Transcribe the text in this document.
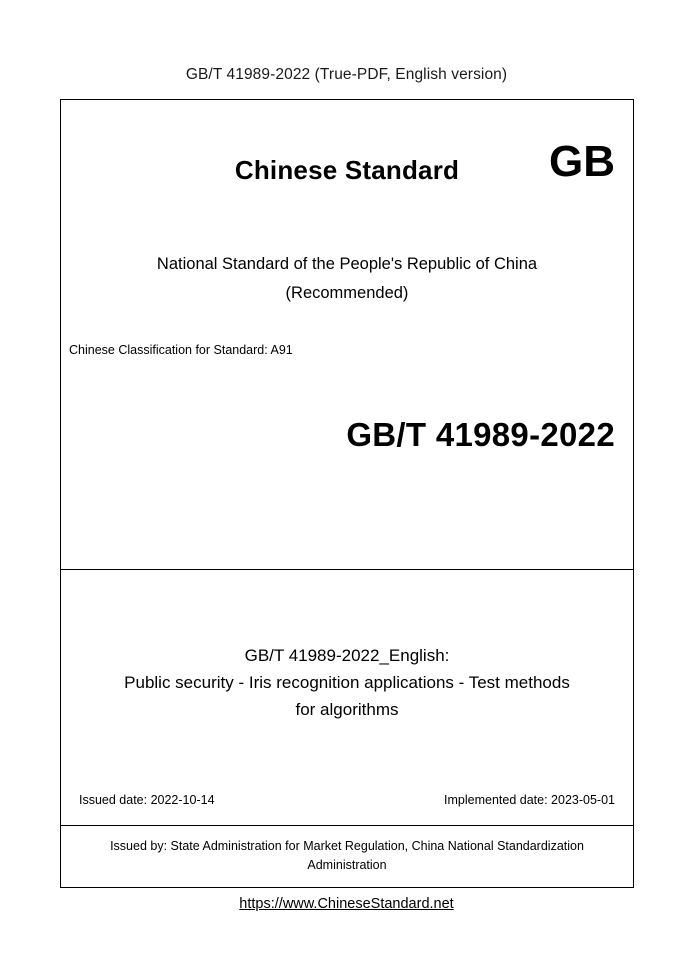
GB/T 41989-2022 (True-PDF, English version)
Chinese Standard	GB
National Standard of the People's Republic of China
(Recommended)
Chinese Classification for Standard: A91
GB/T 41989-2022
GB/T 41989-2022_English:
Public security - Iris recognition applications - Test methods
for algorithms
Issued date: 2022-10-14	Implemented date: 2023-05-01
Issued by: State Administration for Market Regulation, China National Standardization Administration
https://www.ChineseStandard.net
